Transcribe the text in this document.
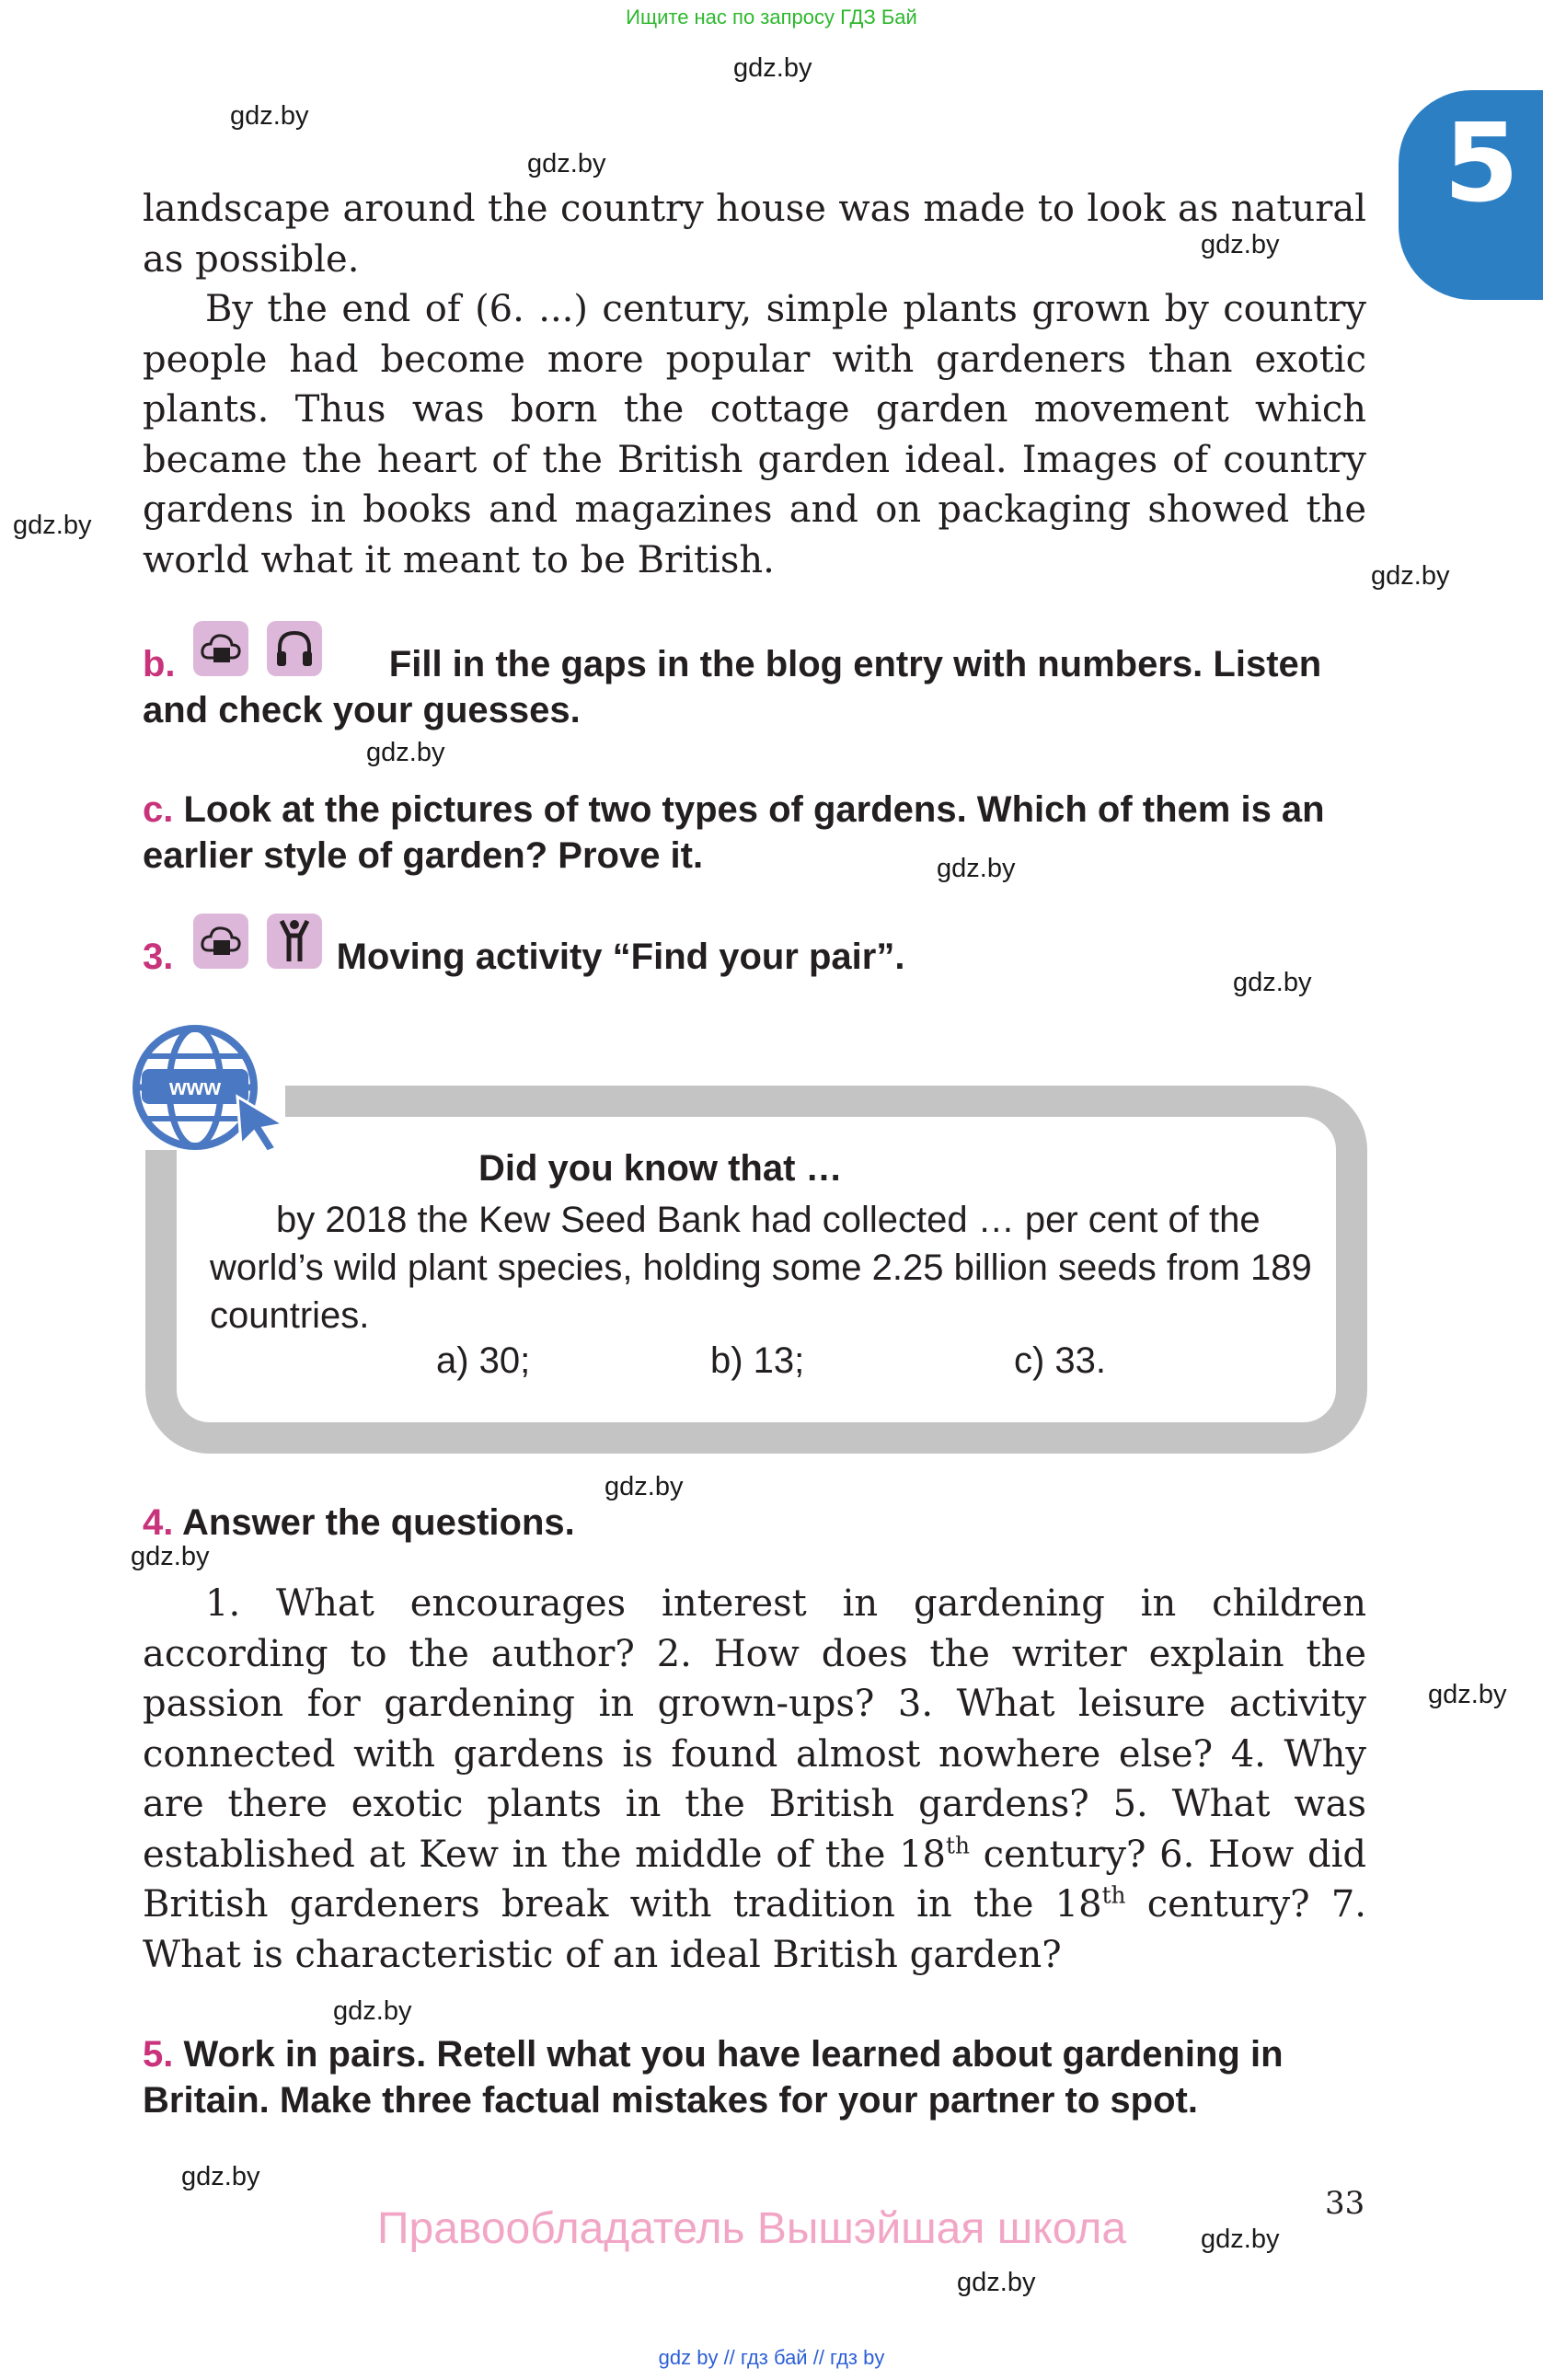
Ищите нас по запросу ГДЗ Бай
gdz.by
gdz.by
gdz.by
gdz.by
gdz.by
gdz.by
gdz.by
gdz.by
gdz.by
gdz.by
gdz.by
gdz.by
gdz.by
gdz.by
gdz.by
gdz.by
5

landscape around the country house was made to look as natural as possible.

By the end of (6. ...) century, simple plants grown by country people had become more popular with gardeners than exotic plants. Thus was born the cottage garden movement which became the heart of the British garden ideal. Images of country gardens in books and magazines and on packaging showed the world what it meant to be British.

b.	Fill in the gaps in the blog entry with numbers. Listen and check your guesses.

c. Look at the pictures of two types of gardens. Which of them is an earlier style of garden? Prove it.

3.	Moving activity “Find your pair”.

www
Did you know that …

by 2018 the Kew Seed Bank had collected … per cent of the world’s wild plant species, holding some 2.25 billion seeds from 189 countries.

a) 30;	b) 13;	c) 33.

4. Answer the questions.

1. What encourages interest in gardening in children according to the author? 2. How does the writer explain the passion for gardening in grown-ups? 3. What leisure activity connected with gardens is found almost nowhere else? 4. Why are there exotic plants in the British gardens? 5. What was established at Kew in the middle of the 18th century? 6. How did British gardeners break with tradition in the 18th century? 7. What is characteristic of an ideal British garden?

5. Work in pairs. Retell what you have learned about gardening in Britain. Make three factual mistakes for your partner to spot.

33
Правообладатель Вышэйшая школа
gdz by // гдз бай // гдз by
